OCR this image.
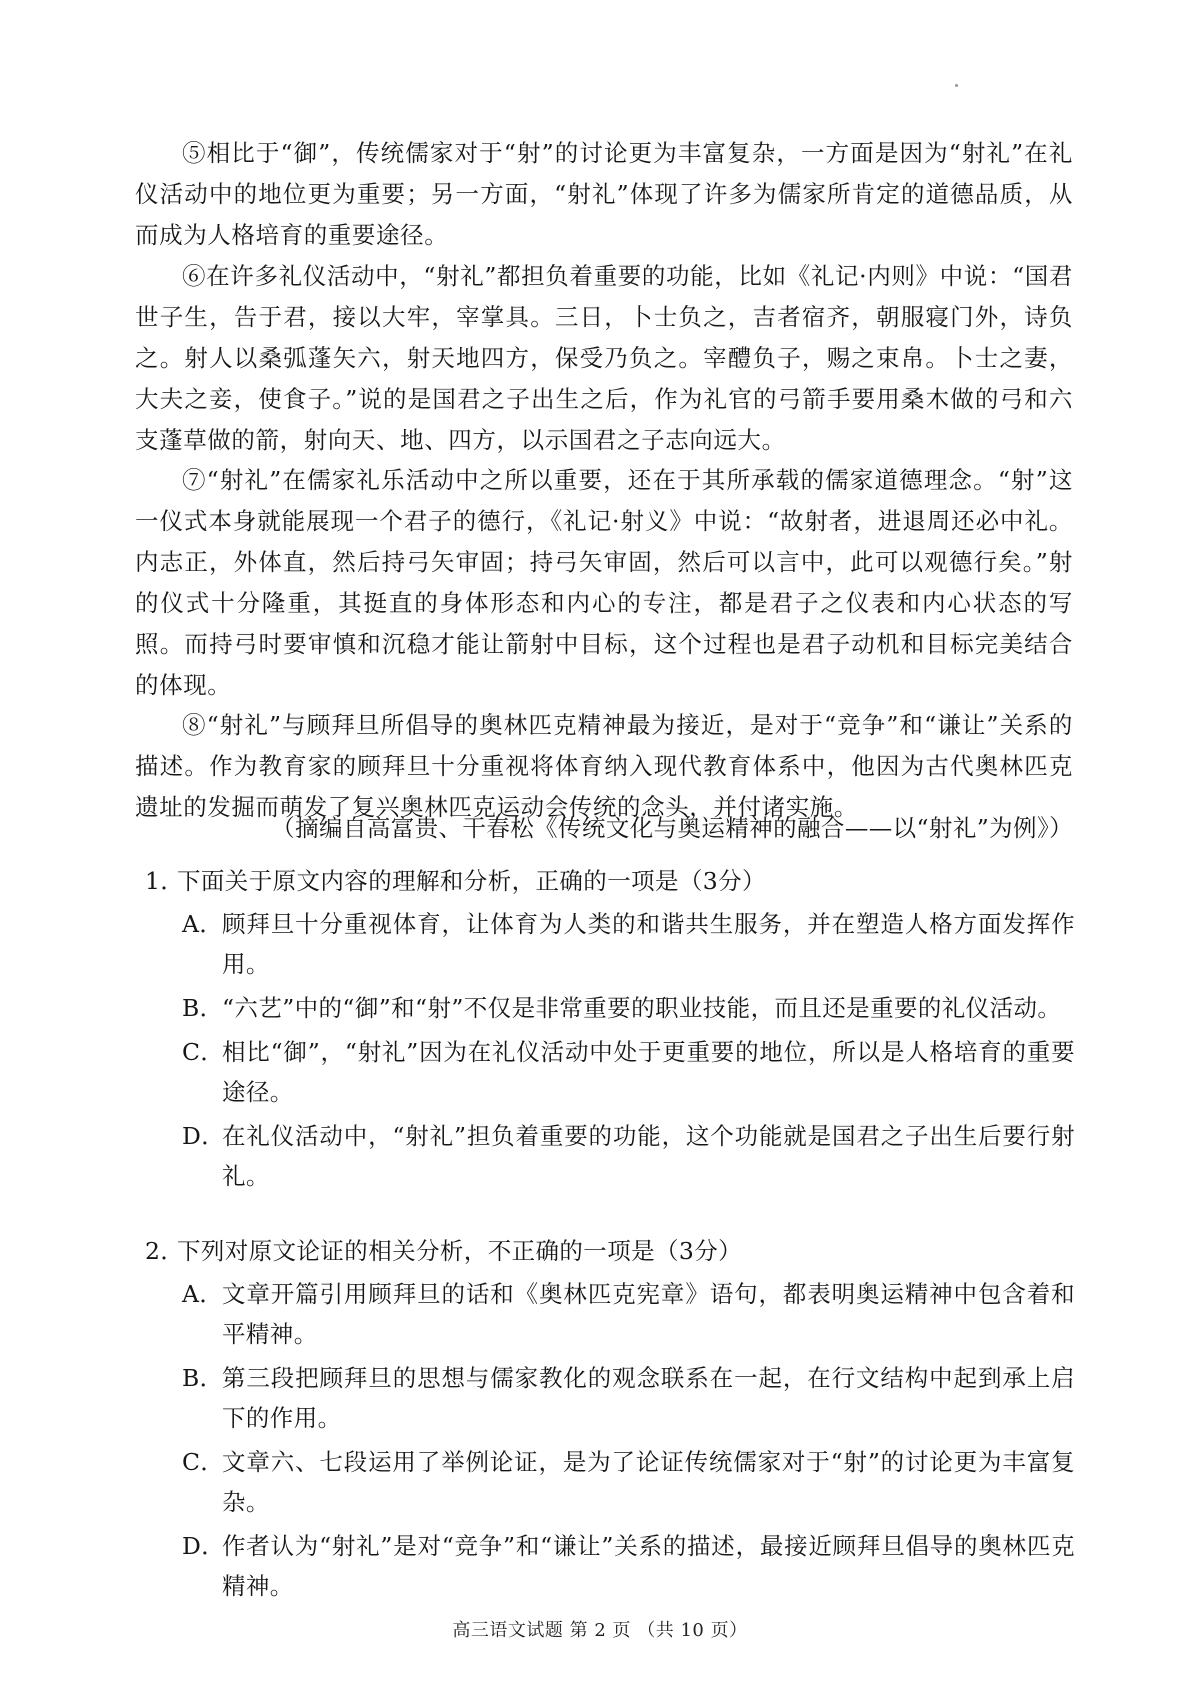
⑤相比于“御”，传统儒家对于“射”的讨论更为丰富复杂，一方面是因为“射礼”在礼仪活动中的地位更为重要；另一方面，“射礼”体现了许多为儒家所肯定的道德品质，从而成为人格培育的重要途径。

⑥在许多礼仪活动中，“射礼”都担负着重要的功能，比如《礼记·内则》中说：“国君世子生，告于君，接以大牢，宰掌具。三日，卜士负之，吉者宿齐，朝服寝门外，诗负之。射人以桑弧蓬矢六，射天地四方，保受乃负之。宰醴负子，赐之束帛。卜士之妻，大夫之妾，使食子。”说的是国君之子出生之后，作为礼官的弓箭手要用桑木做的弓和六支蓬草做的箭，射向天、地、四方，以示国君之子志向远大。

⑦“射礼”在儒家礼乐活动中之所以重要，还在于其所承载的儒家道德理念。“射”这一仪式本身就能展现一个君子的德行，《礼记·射义》中说：“故射者，进退周还必中礼。内志正，外体直，然后持弓矢审固；持弓矢审固，然后可以言中，此可以观德行矣。”射的仪式十分隆重，其挺直的身体形态和内心的专注，都是君子之仪表和内心状态的写照。而持弓时要审慎和沉稳才能让箭射中目标，这个过程也是君子动机和目标完美结合的体现。

⑧“射礼”与顾拜旦所倡导的奥林匹克精神最为接近，是对于“竞争”和“谦让”关系的描述。作为教育家的顾拜旦十分重视将体育纳入现代教育体系中，他因为古代奥林匹克遗址的发掘而萌发了复兴奥林匹克运动会传统的念头，并付诸实施。

（摘编自高富贵、干春松《传统文化与奥运精神的融合——以“射礼”为例》）

1．下面关于原文内容的理解和分析，正确的一项是（3分）

A．
顾拜旦十分重视体育，让体育为人类的和谐共生服务，并在塑造人格方面发挥作用。
B．
“六艺”中的“御”和“射”不仅是非常重要的职业技能，而且还是重要的礼仪活动。
C．
相比“御”，“射礼”因为在礼仪活动中处于更重要的地位，所以是人格培育的重要途径。
D．
在礼仪活动中，“射礼”担负着重要的功能，这个功能就是国君之子出生后要行射礼。

2．下列对原文论证的相关分析，不正确的一项是（3分）

A．
文章开篇引用顾拜旦的话和《奥林匹克宪章》语句，都表明奥运精神中包含着和平精神。
B．
第三段把顾拜旦的思想与儒家教化的观念联系在一起，在行文结构中起到承上启下的作用。
C．
文章六、七段运用了举例论证，是为了论证传统儒家对于“射”的讨论更为丰富复杂。
D．
作者认为“射礼”是对“竞争”和“谦让”关系的描述，最接近顾拜旦倡导的奥林匹克精神。
高三语文试题 第 2 页 （共 10 页）
